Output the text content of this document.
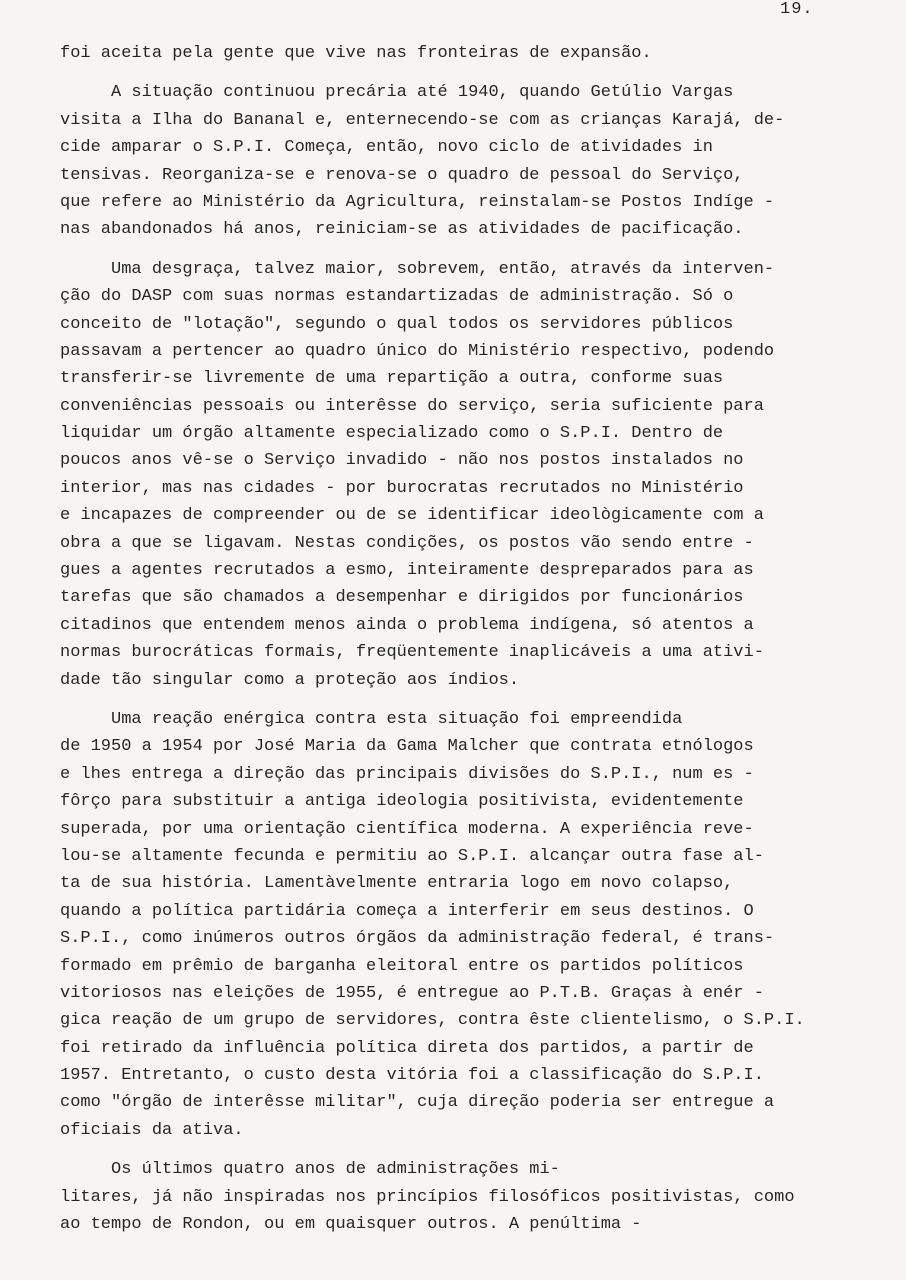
19.
foi aceita pela gente que vive nas fronteiras de expansão.
A situação continuou precária até 1940, quando Getúlio Vargas
visita a Ilha do Bananal e, enternecendo-se com as crianças Karajá, de-
cide amparar o S.P.I. Começa, então, novo ciclo de atividades in
tensivas. Reorganiza-se e renova-se o quadro de pessoal do Serviço,
que refere ao Ministério da Agricultura, reinstalam-se Postos Indíge -
nas abandonados há anos, reiniciam-se as atividades de pacificação.
Uma desgraça, talvez maior, sobrevem, então, através da interven-
ção do DASP com suas normas estandartizadas de administração. Só o
conceito de "lotação", segundo o qual todos os servidores públicos
passavam a pertencer ao quadro único do Ministério respectivo, podendo
transferir-se livremente de uma repartição a outra, conforme suas
conveniências pessoais ou interêsse do serviço, seria suficiente para
liquidar um órgão altamente especializado como o S.P.I. Dentro de
poucos anos vê-se o Serviço invadido - não nos postos instalados no
interior, mas nas cidades - por burocratas recrutados no Ministério
e incapazes de compreender ou de se identificar ideològicamente com a
obra a que se ligavam. Nestas condições, os postos vão sendo entre -
gues a agentes recrutados a esmo, inteiramente despreparados para as
tarefas que são chamados a desempenhar e dirigidos por funcionários
citadinos que entendem menos ainda o problema indígena, só atentos a
normas burocráticas formais, freqüentemente inaplicáveis a uma ativi-
dade tão singular como a proteção aos índios.
Uma reação enérgica contra esta situação foi empreendida
de 1950 a 1954 por José Maria da Gama Malcher que contrata etnólogos
e lhes entrega a direção das principais divisões do S.P.I., num es -
fôrço para substituir a antiga ideologia positivista, evidentemente
superada, por uma orientação científica moderna. A experiência reve-
lou-se altamente fecunda e permitiu ao S.P.I. alcançar outra fase al-
ta de sua história. Lamentàvelmente entraria logo em novo colapso,
quando a política partidária começa a interferir em seus destinos. O
S.P.I., como inúmeros outros órgãos da administração federal, é trans-
formado em prêmio de barganha eleitoral entre os partidos políticos
vitoriosos nas eleições de 1955, é entregue ao P.T.B. Graças à enér -
gica reação de um grupo de servidores, contra êste clientelismo, o S.P.I.
foi retirado da influência política direta dos partidos, a partir de
1957. Entretanto, o custo desta vitória foi a classificação do S.P.I.
como "órgão de interêsse militar", cuja direção poderia ser entregue a
oficiais da ativa.
Os últimos quatro anos de administrações mi-
litares, já não inspiradas nos princípios filosóficos positivistas, como
ao tempo de Rondon, ou em quaisquer outros. A penúltima -
